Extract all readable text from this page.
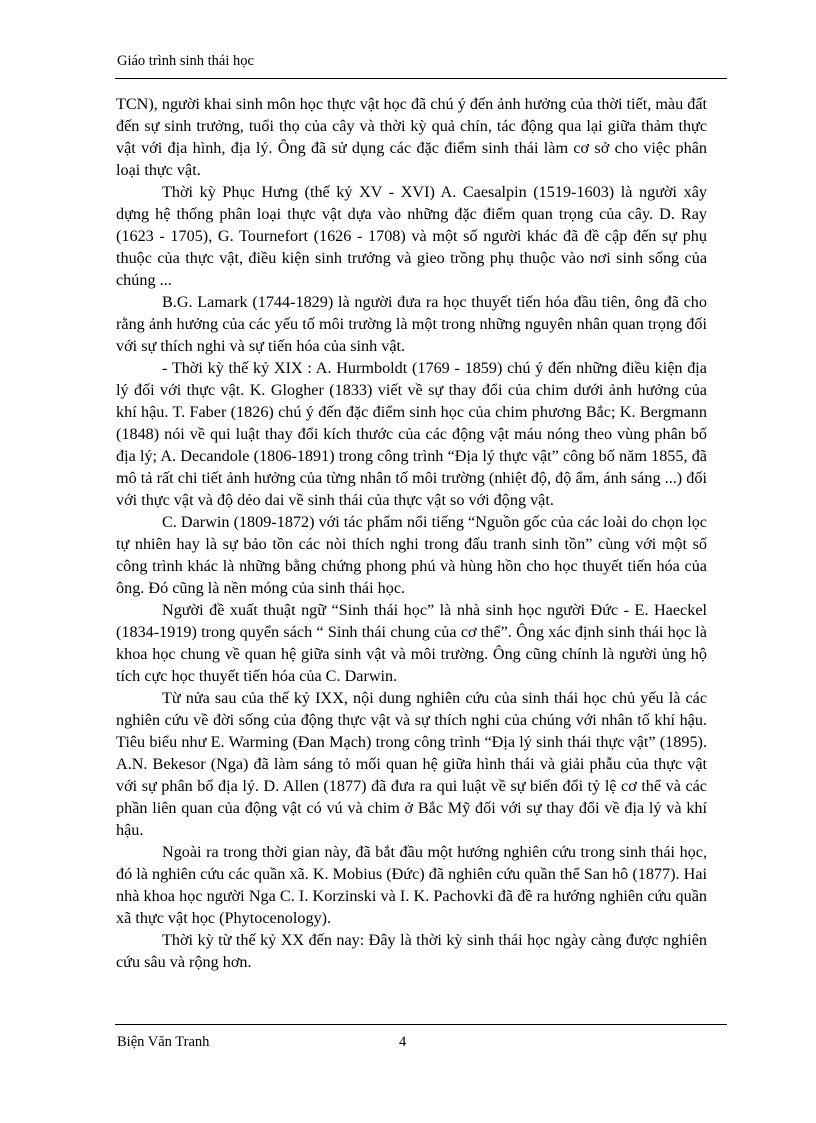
Giáo trình sinh thái học

TCN), người khai sinh môn học thực vật học đã chú ý đến ảnh hưởng của thời tiết, màu đất đến sự sinh trưởng, tuổi thọ của cây và thời kỳ quả chín, tác động qua lại giữa thảm thực vật với địa hình, địa lý. Ông đã sử dụng các đặc điểm sinh thái làm cơ sở cho việc phân loại thực vật.

Thời kỳ Phục Hưng (thế kỷ XV - XVI) A. Caesalpin (1519-1603) là người xây dựng hệ thống phân loại thực vật dựa vào những đặc điểm quan trọng của cây. D. Ray (1623 - 1705), G. Tournefort (1626 - 1708) và một số người khác đã đề cập đến sự phụ thuộc của thực vật, điều kiện sinh trưởng và gieo trồng phụ thuộc vào nơi sinh sống của chúng ...

B.G. Lamark (1744-1829) là người đưa ra học thuyết tiến hóa đầu tiên, ông đã cho rằng ảnh hưởng của các yếu tố môi trường là một trong những nguyên nhân quan trọng đối với sự thích nghi và sự tiến hóa của sinh vật.

- Thời kỳ thế kỷ XIX : A. Hurmboldt (1769 - 1859) chú ý đến những điều kiện địa lý đối với thực vật. K. Glogher (1833) viết về sự thay đổi của chim dưới ảnh hưởng của khí hậu. T. Faber (1826) chú ý đến đặc điểm sinh học của chim phương Bắc; K. Bergmann (1848) nói về qui luật thay đổi kích thước của các động vật máu nóng theo vùng phân bố địa lý; A. Decandole (1806-1891) trong công trình “Địa lý thực vật” công bố năm 1855, đã mô tả rất chi tiết ảnh hưởng của từng nhân tố môi trường (nhiệt độ, độ ẩm, ánh sáng ...) đối với thực vật và độ dẻo dai về sinh thái của thực vật so với động vật.

C. Darwin (1809-1872) với tác phẩm nổi tiếng “Nguồn gốc của các loài do chọn lọc tự nhiên hay là sự bảo tồn các nòi thích nghi trong đấu tranh sinh tồn” cùng với một số công trình khác là những bằng chứng phong phú và hùng hồn cho học thuyết tiến hóa của ông. Đó cũng là nền móng của sinh thái học.

Người đề xuất thuật ngữ “Sinh thái học” là nhà sinh học người Đức - E. Haeckel (1834-1919) trong quyển sách “ Sinh thái chung của cơ thể”. Ông xác định sinh thái học là khoa học chung về quan hệ giữa sinh vật và môi trường. Ông cũng chính là người ủng hộ tích cực học thuyết tiến hóa của C. Darwin.

Từ nửa sau của thế kỷ IXX, nội dung nghiên cứu của sinh thái học chủ yếu là các nghiên cứu về đời sống của động thực vật và sự thích nghi của chúng với nhân tố khí hậu. Tiêu biểu như E. Warming (Đan Mạch) trong công trình “Địa lý sinh thái thực vật” (1895). A.N. Bekesor (Nga) đã làm sáng tỏ mối quan hệ giữa hình thái và giải phẫu của thực vật với sự phân bố địa lý. D. Allen (1877) đã đưa ra qui luật về sự biến đổi tỷ lệ cơ thể và các phần liên quan của động vật có vú và chim ở Bắc Mỹ đối với sự thay đổi về địa lý và khí hậu.

Ngoài ra trong thời gian này, đã bắt đầu một hướng nghiên cứu trong sinh thái học, đó là nghiên cứu các quần xã. K. Mobius (Đức) đã nghiên cứu quần thể San hô (1877). Hai nhà khoa học người Nga C. I. Korzinski và I. K. Pachovki đã đề ra hướng nghiên cứu quần xã thực vật học (Phytocenology).

Thời kỳ từ thế kỷ XX đến nay: Đây là thời kỳ sinh thái học ngày càng được nghiên cứu sâu và rộng hơn.

Biện Văn Tranh	4
